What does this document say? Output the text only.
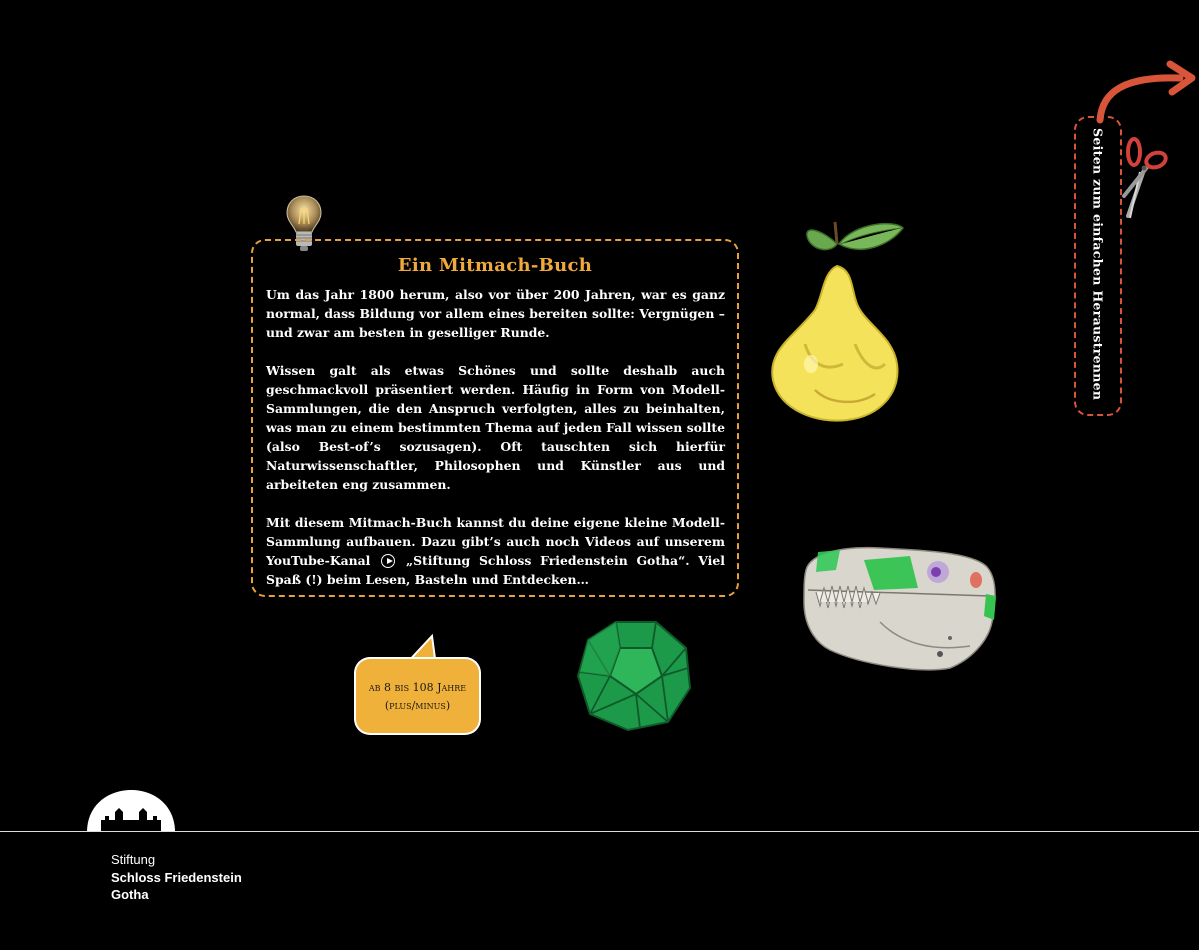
Ein Mitmach-Buch

Um das Jahr 1800 herum, also vor über 200 Jahren, war es ganz normal, dass Bildung vor allem eines bereiten sollte: Vergnügen – und zwar am besten in geselliger Runde.

Wissen galt als etwas Schönes und sollte deshalb auch geschmackvoll präsentiert werden. Häufig in Form von Modell-Sammlungen, die den Anspruch verfolgten, alles zu beinhalten, was man zu einem bestimmten Thema auf jeden Fall wissen sollte (also Best-of’s sozusagen). Oft tauschten sich hierfür Naturwissenschaftler, Philosophen und Künstler aus und arbeiteten eng zusammen.

Mit diesem Mitmach-Buch kannst du deine eigene kleine Modell-Sammlung aufbauen. Dazu gibt’s auch noch Videos auf unserem YouTube-Kanal	„Stiftung Schloss Friedenstein Gotha“. Viel Spaß (!) beim Lesen, Basteln und Entdecken…

ab 8 bis 108 Jahre
(plus/minus)
Seiten zum einfachen Heraustrennen
Stiftung
Schloss Friedenstein
Gotha
